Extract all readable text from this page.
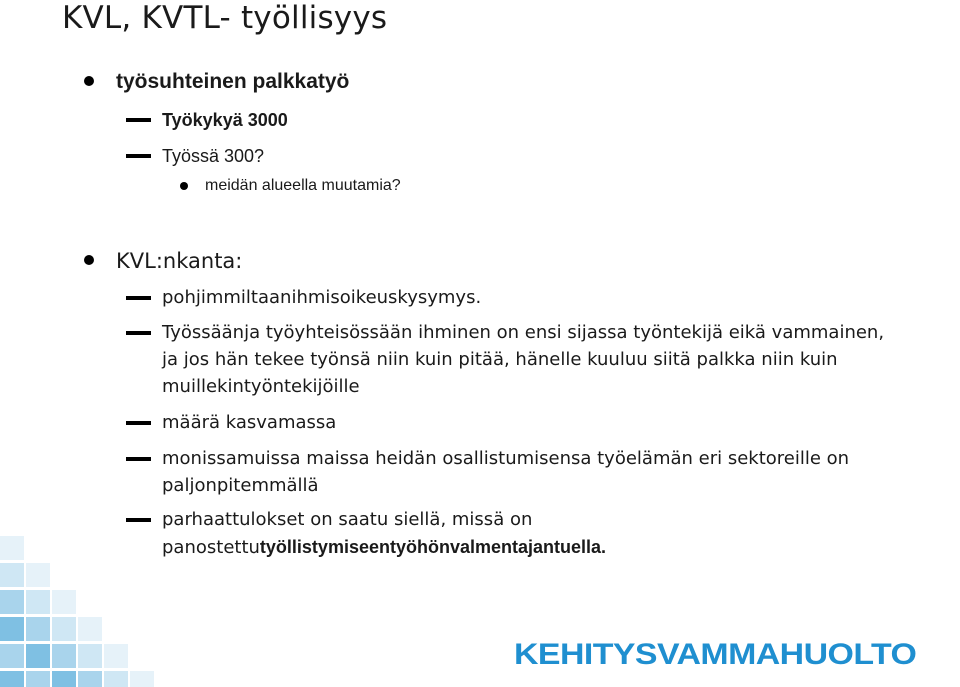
KVL, KVTL- työllisyys
työsuhteinen palkkatyö
Työkykyä 3000
Työssä 300?
meidän alueella muutamia?
KVL:nkanta:
pohjimmiltaanihmisoikeuskysymys.
Työssäänja työyhteisössään ihminen on ensi sijassa työntekijä eikä vammainen,
ja jos hän tekee työnsä niin kuin pitää, hänelle kuuluu siitä palkka niin kuin
muillekintyöntekijöille
määrä kasvamassa
monissamuissa maissa heidän osallistumisensa työelämän eri sektoreille on
paljonpitemmällä
parhaattulokset on saatu siellä, missä on
panostettutyöllistymiseentyöhönvalmentajantuella.
KEHITYSVAMMAHUOLTO
